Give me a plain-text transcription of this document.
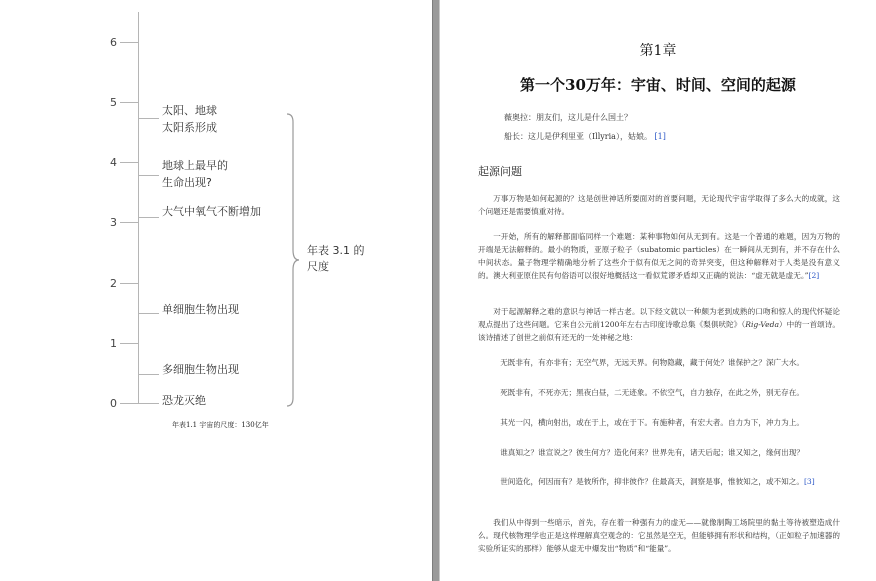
6
5
4
3
2
1
0
太阳、地球
太阳系形成
地球上最早的
生命出现?
大气中氧气不断增加
单细胞生物出现
多细胞生物出现
恐龙灭绝
年表 3.1 的
尺度
年表1.1 宇宙的尺度：130亿年
第1章
第一个30万年：宇宙、时间、空间的起源
薇奥拉：朋友们，这儿是什么国土？
船长：这儿是伊利里亚（Illyria），姑娘。 [1]
起源问题

万事万物是如何起源的？这是创世神话所要面对的首要问题，无论现代宇宙学取得了多么大的成就，这个问题还是需要慎重对待。

一开始，所有的解释都面临同样一个难题：某种事物如何从无到有。这是一个普通的难题，因为万物的开端是无法解释的。最小的物质，亚原子粒子（subatomic particles）在一瞬间从无到有，并不存在什么中间状态。量子物理学精确地分析了这些介于似有似无之间的奇异突变，但这种解释对于人类是没有意义的。澳大利亚原住民有句俗语可以很好地概括这一看似荒谬矛盾却又正确的说法：“虚无就是虚无。”[2]

对于起源解释之难的意识与神话一样古老。以下经文就以一种颇为老到成熟的口吻和惊人的现代怀疑论观点提出了这些问题。它来自公元前1200年左右古印度诗歌总集《梨俱吠陀》（Rig-Veda）中的一首颂诗。该诗描述了创世之前似有还无的一处神秘之地：

无既非有，有亦非有；无空气界，无远天界。何物隐藏，藏于何处？谁保护之？深广大水。

死既非有，不死亦无；黑夜白昼，二无迹象。不依空气，自力独存，在此之外，别无存在。

其光一闪，横向射出，或在于上，或在于下。有施种者，有宏大者。自力为下，冲力为上。

谁真知之？谁宣说之？彼生何方？造化何来？世界先有，诸天后起；谁又知之，缘何出现？

世间造化，何因而有？是彼所作，抑非彼作？住最高天，洞察是事，惟彼知之，或不知之。[3]

我们从中得到一些暗示，首先，存在着一种强有力的虚无——就像制陶工场院里的黏土等待被塑造成什么。现代核物理学也正是这样理解真空观念的：它虽然是空无，但能够拥有形状和结构，（正如粒子加速器的实验所证实的那样）能够从虚无中爆发出“物质”和“能量”。
